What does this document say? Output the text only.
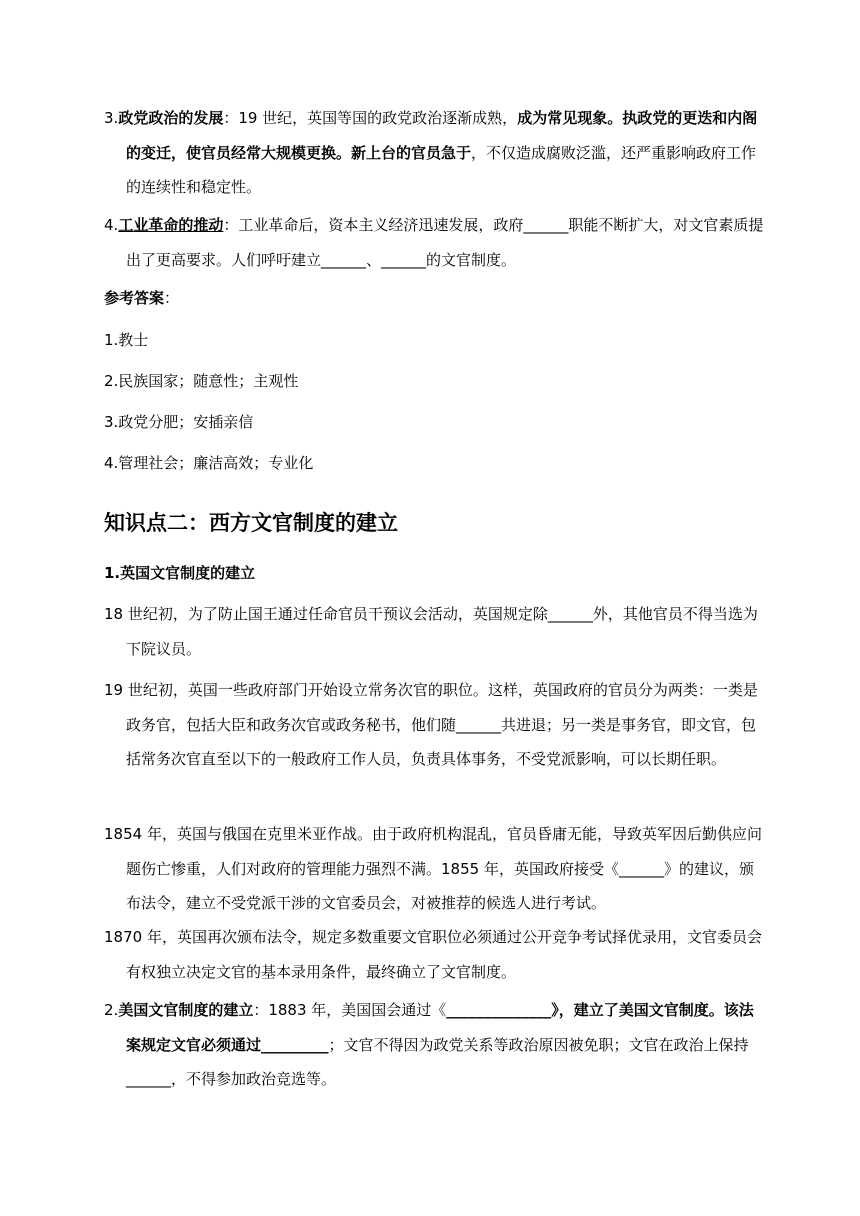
3.政党政治的发展：19 世纪，英国等国的政党政治逐渐成熟，成为常见现象。执政党的更迭和内阁的变迁，使官员经常大规模更换。新上台的官员急于，不仅造成腐败泛滥，还严重影响政府工作的连续性和稳定性。

4.工业革命的推动：工业革命后，资本主义经济迅速发展，政府______职能不断扩大，对文官素质提出了更高要求。人们呼吁建立______、______的文官制度。

参考答案：

1.教士

2.民族国家；随意性；主观性

3.政党分肥；安插亲信

4.管理社会；廉洁高效；专业化

知识点二：西方文官制度的建立

1.英国文官制度的建立

18 世纪初，为了防止国王通过任命官员干预议会活动，英国规定除______外，其他官员不得当选为下院议员。

19 世纪初，英国一些政府部门开始设立常务次官的职位。这样，英国政府的官员分为两类：一类是政务官，包括大臣和政务次官或政务秘书，他们随______共进退；另一类是事务官，即文官，包括常务次官直至以下的一般政府工作人员，负责具体事务，不受党派影响，可以长期任职。

1854 年，英国与俄国在克里米亚作战。由于政府机构混乱，官员昏庸无能，导致英军因后勤供应问题伤亡惨重，人们对政府的管理能力强烈不满。1855 年，英国政府接受《______》的建议，颁布法令，建立不受党派干涉的文官委员会，对被推荐的候选人进行考试。

1870 年，英国再次颁布法令，规定多数重要文官职位必须通过公开竞争考试择优录用，文官委员会有权独立决定文官的基本录用条件，最终确立了文官制度。

2.美国文官制度的建立：1883 年，美国国会通过《______________》，建立了美国文官制度。该法案规定文官必须通过_________；文官不得因为政党关系等政治原因被免职；文官在政治上保持______，不得参加政治竞选等。
